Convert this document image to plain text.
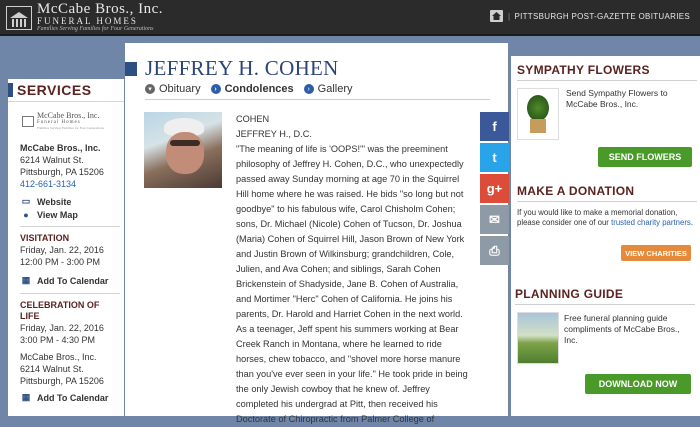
McCabe Bros., Inc.
FUNERAL HOMES
Families Serving Families for Four Generations
| PITTSBURGH POST-GAZETTE OBITUARIES
SERVICES
McCabe Bros., Inc.
Funeral Homes
Families Serving Families for Four Generations
McCabe Bros., Inc.
6214 Walnut St.
Pittsburgh, PA 15206
412-661-3134
▭ Website
● View Map
VISITATION
Friday, Jan. 22, 2016
12:00 PM - 3:00 PM
▦ Add To Calendar
CELEBRATION OF
LIFE
Friday, Jan. 22, 2016
3:00 PM - 4:30 PM
McCabe Bros., Inc.
6214 Walnut St.
Pittsburgh, PA 15206
▦ Add To Calendar
JEFFREY H. COHEN
▾ Obituary	› Condolences	› Gallery

COHEN

JEFFREY H., D.C.

"The meaning of life is 'OOPS!'" was the preeminent philosophy of Jeffrey H. Cohen, D.C., who unexpectedly passed away Sunday morning at age 70 in the Squirrel Hill home where he was raised. He bids "so long but not goodbye" to his fabulous wife, Carol Chisholm Cohen; sons, Dr. Michael (Nicole) Cohen of Tucson, Dr. Joshua (Maria) Cohen of Squirrel Hill, Jason Brown of New York and Justin Brown of Wilkinsburg; grandchildren, Cole, Julien, and Ava Cohen; and siblings, Sarah Cohen Brickenstein of Shadyside, Jane B. Cohen of Australia, and Mortimer "Herc" Cohen of California. He joins his parents, Dr. Harold and Harriet Cohen in the next world. As a teenager, Jeff spent his summers working at Bear Creek Ranch in Montana, where he learned to ride horses, chew tobacco, and "shovel more horse manure than you've ever seen in your life." He took pride in being the only Jewish cowboy that he knew of. Jeffrey completed his undergrad at Pitt, then received his Doctorate of Chiropractic from Palmer College of

f
t
g+
✉
⎙
SYMPATHY FLOWERS
Send Sympathy Flowers to McCabe Bros., Inc.
SEND FLOWERS
MAKE A DONATION
If you would like to make a memorial donation, please consider one of our trusted charity partners.
VIEW CHARITIES
PLANNING GUIDE
Free funeral planning guide compliments of McCabe Bros., Inc.
DOWNLOAD NOW
